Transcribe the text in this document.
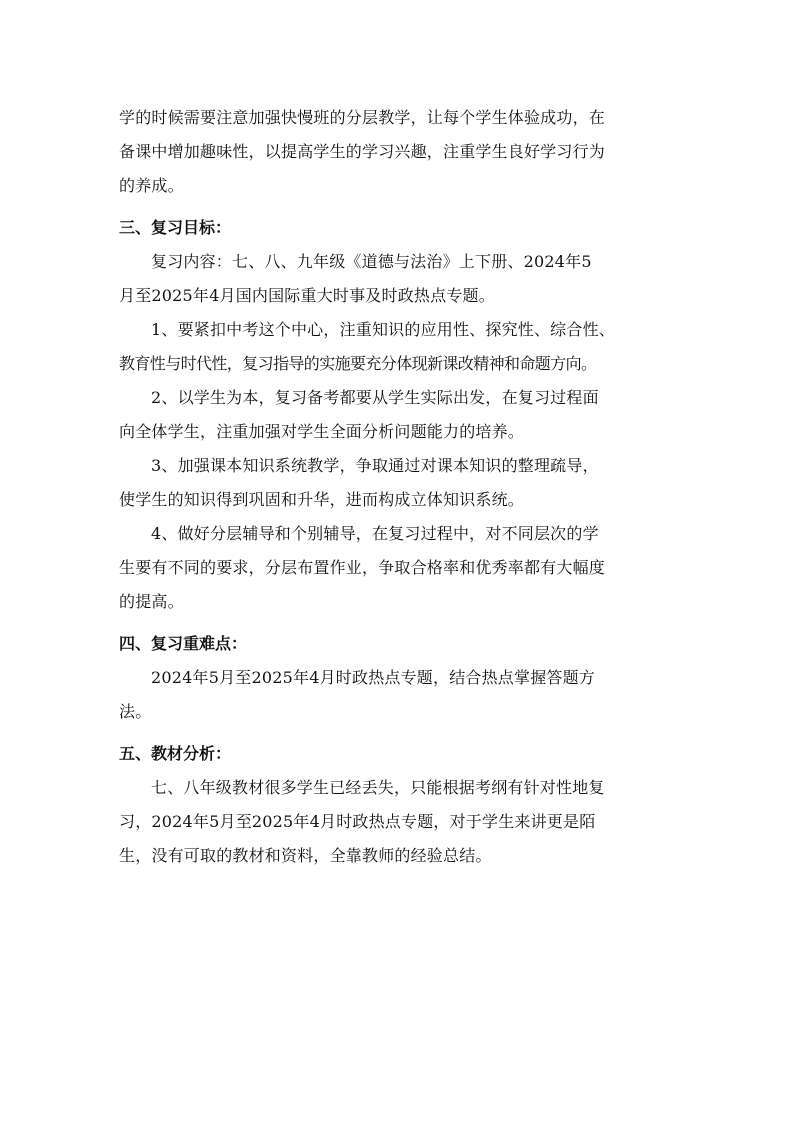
学的时候需要注意加强快慢班的分层教学，让每个学生体验成功，在

备课中增加趣味性，以提高学生的学习兴趣，注重学生良好学习行为

的养成。

三、复习目标：

复习内容：七、八、九年级《道德与法治》上下册、2024年5

月至2025年4月国内国际重大时事及时政热点专题。

1、要紧扣中考这个中心，注重知识的应用性、探究性、综合性、

教育性与时代性，复习指导的实施要充分体现新课改精神和命题方向。

2、以学生为本，复习备考都要从学生实际出发，在复习过程面

向全体学生，注重加强对学生全面分析问题能力的培养。

3、加强课本知识系统教学，争取通过对课本知识的整理疏导，

使学生的知识得到巩固和升华，进而构成立体知识系统。

4、做好分层辅导和个别辅导，在复习过程中，对不同层次的学

生要有不同的要求，分层布置作业，争取合格率和优秀率都有大幅度

的提高。

四、复习重难点：

2024年5月至2025年4月时政热点专题，结合热点掌握答题方

法。

五、教材分析：

七、八年级教材很多学生已经丢失，只能根据考纲有针对性地复

习，2024年5月至2025年4月时政热点专题，对于学生来讲更是陌

生，没有可取的教材和资料，全靠教师的经验总结。
